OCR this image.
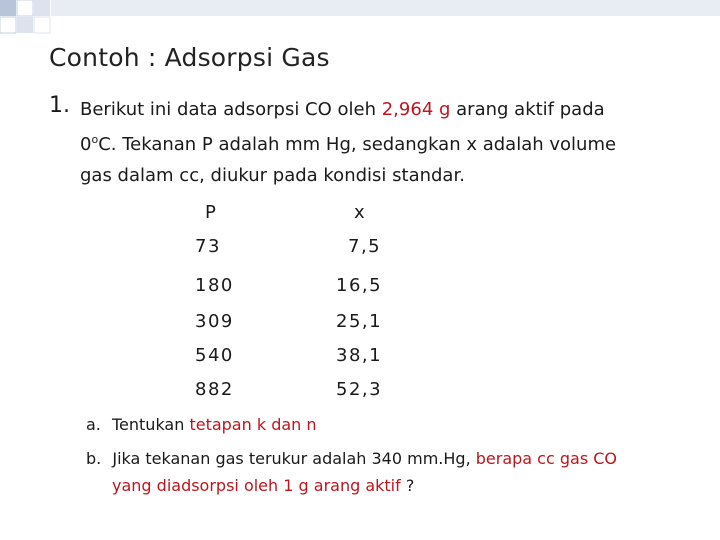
Contoh : Adsorpsi Gas
1. Berikut ini data adsorpsi CO oleh 2,964 g arang aktif pada
0$^o$C. Tekanan P adalah mm Hg, sedangkan x adalah volume
gas dalam cc, diukur pada kondisi standar.
P	x
73	7,5
180	16,5
309	25,1
540	38,1
882	52,3
a. Tentukan tetapan k dan n
b. Jika tekanan gas terukur adalah 340 mm.Hg, berapa cc gas CO
yang diadsorpsi oleh 1 g arang aktif ?
